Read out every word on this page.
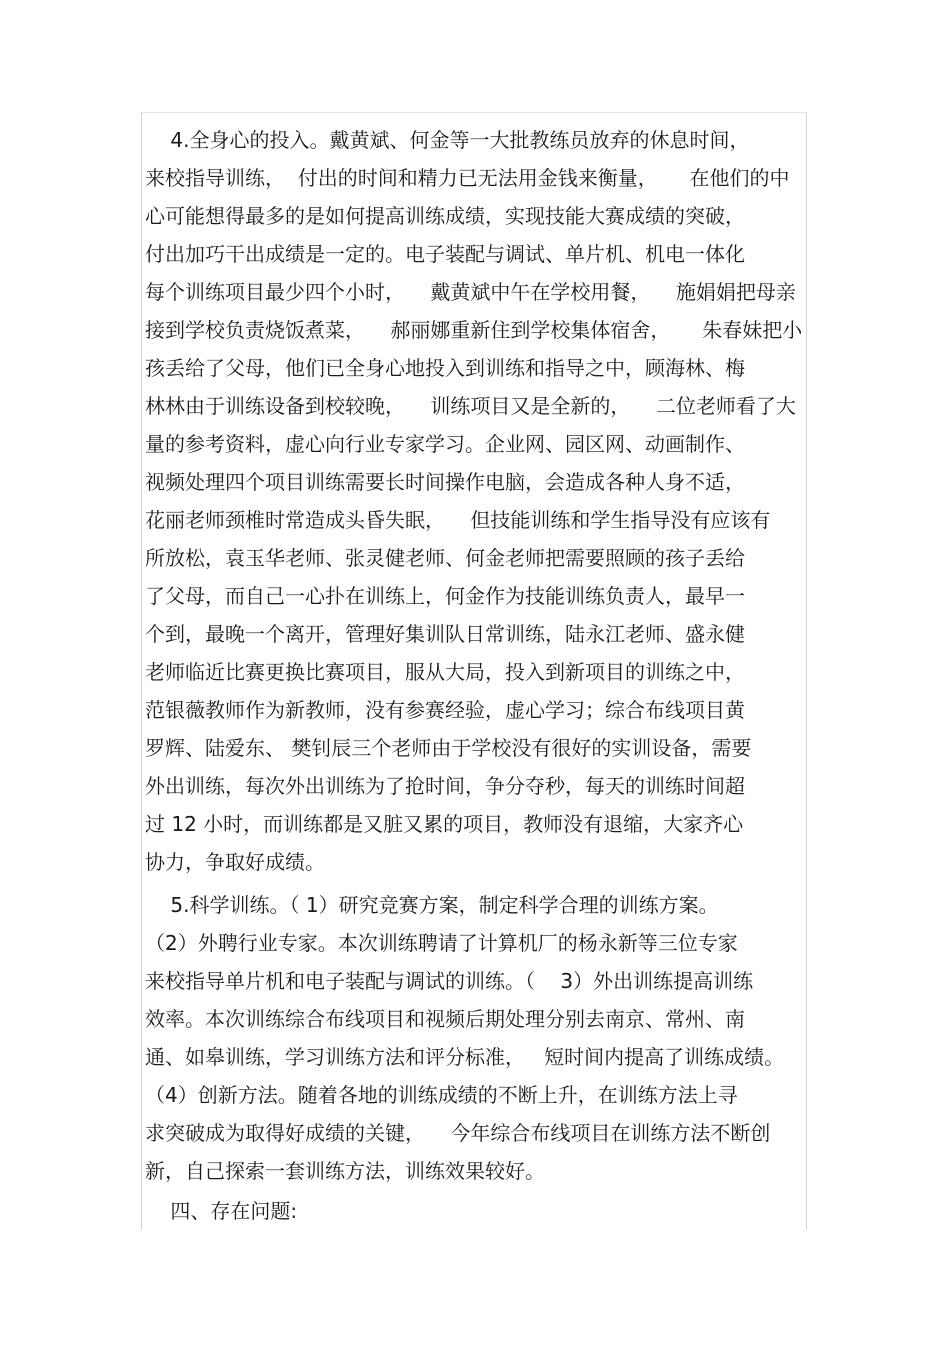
4.全身心的投入。戴黄斌、何金等一大批教练员放弃的休息时间，
来校指导训练，  付出的时间和精力已无法用金钱来衡量，     在他们的中
心可能想得最多的是如何提高训练成绩，实现技能大赛成绩的突破，
付出加巧干出成绩是一定的。电子装配与调试、单片机、机电一体化
每个训练项目最少四个小时，    戴黄斌中午在学校用餐，    施娟娟把母亲
接到学校负责烧饭煮菜，    郝丽娜重新住到学校集体宿舍，     朱春妹把小
孩丢给了父母，他们已全身心地投入到训练和指导之中，顾海林、梅
林林由于训练设备到校较晚，    训练项目又是全新的，    二位老师看了大
量的参考资料，虚心向行业专家学习。企业网、园区网、动画制作、
视频处理四个项目训练需要长时间操作电脑，会造成各种人身不适，
花丽老师颈椎时常造成头昏失眠，    但技能训练和学生指导没有应该有
所放松，袁玉华老师、张灵健老师、何金老师把需要照顾的孩子丢给
了父母，而自己一心扑在训练上，何金作为技能训练负责人，最早一
个到，最晚一个离开，管理好集训队日常训练，陆永江老师、盛永健
老师临近比赛更换比赛项目，服从大局，投入到新项目的训练之中，
范银薇教师作为新教师，没有参赛经验，虚心学习；综合布线项目黄
罗辉、陆爱东、 樊钊辰三个老师由于学校没有很好的实训设备，需要
外出训练，每次外出训练为了抢时间，争分夺秒，每天的训练时间超
过 12 小时，而训练都是又脏又累的项目，教师没有退缩，大家齐心
协力，争取好成绩。
5.科学训练。（ 1）研究竞赛方案，制定科学合理的训练方案。
（2）外聘行业专家。本次训练聘请了计算机厂的杨永新等三位专家
来校指导单片机和电子装配与调试的训练。（    3）外出训练提高训练
效率。本次训练综合布线项目和视频后期处理分别去南京、常州、南
通、如皋训练，学习训练方法和评分标准，   短时间内提高了训练成绩。
（4）创新方法。随着各地的训练成绩的不断上升，在训练方法上寻
求突破成为取得好成绩的关键，    今年综合布线项目在训练方法不断创
新，自己探索一套训练方法，训练效果较好。
四、存在问题:
